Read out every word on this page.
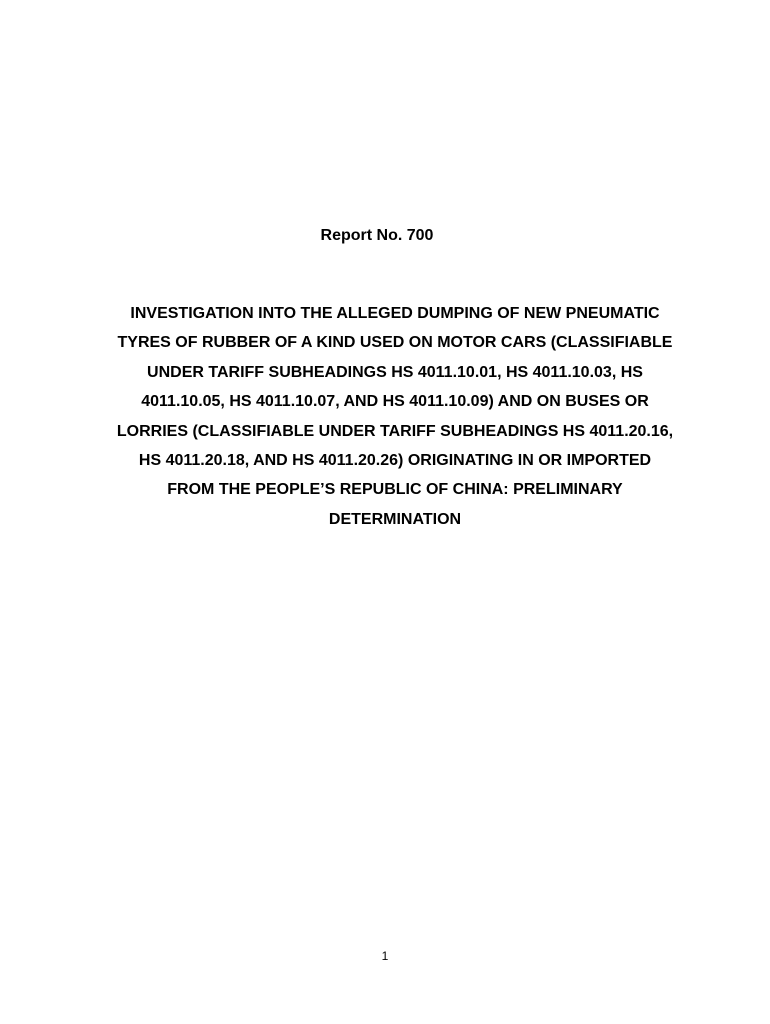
Report No. 700
INVESTIGATION INTO THE ALLEGED DUMPING OF NEW PNEUMATIC
TYRES OF RUBBER OF A KIND USED ON MOTOR CARS (CLASSIFIABLE
UNDER TARIFF SUBHEADINGS HS 4011.10.01, HS 4011.10.03, HS
4011.10.05, HS 4011.10.07, AND HS 4011.10.09) AND ON BUSES OR
LORRIES (CLASSIFIABLE UNDER TARIFF SUBHEADINGS HS 4011.20.16,
HS 4011.20.18, AND HS 4011.20.26) ORIGINATING IN OR IMPORTED
FROM THE PEOPLE’S REPUBLIC OF CHINA: PRELIMINARY
DETERMINATION
1
